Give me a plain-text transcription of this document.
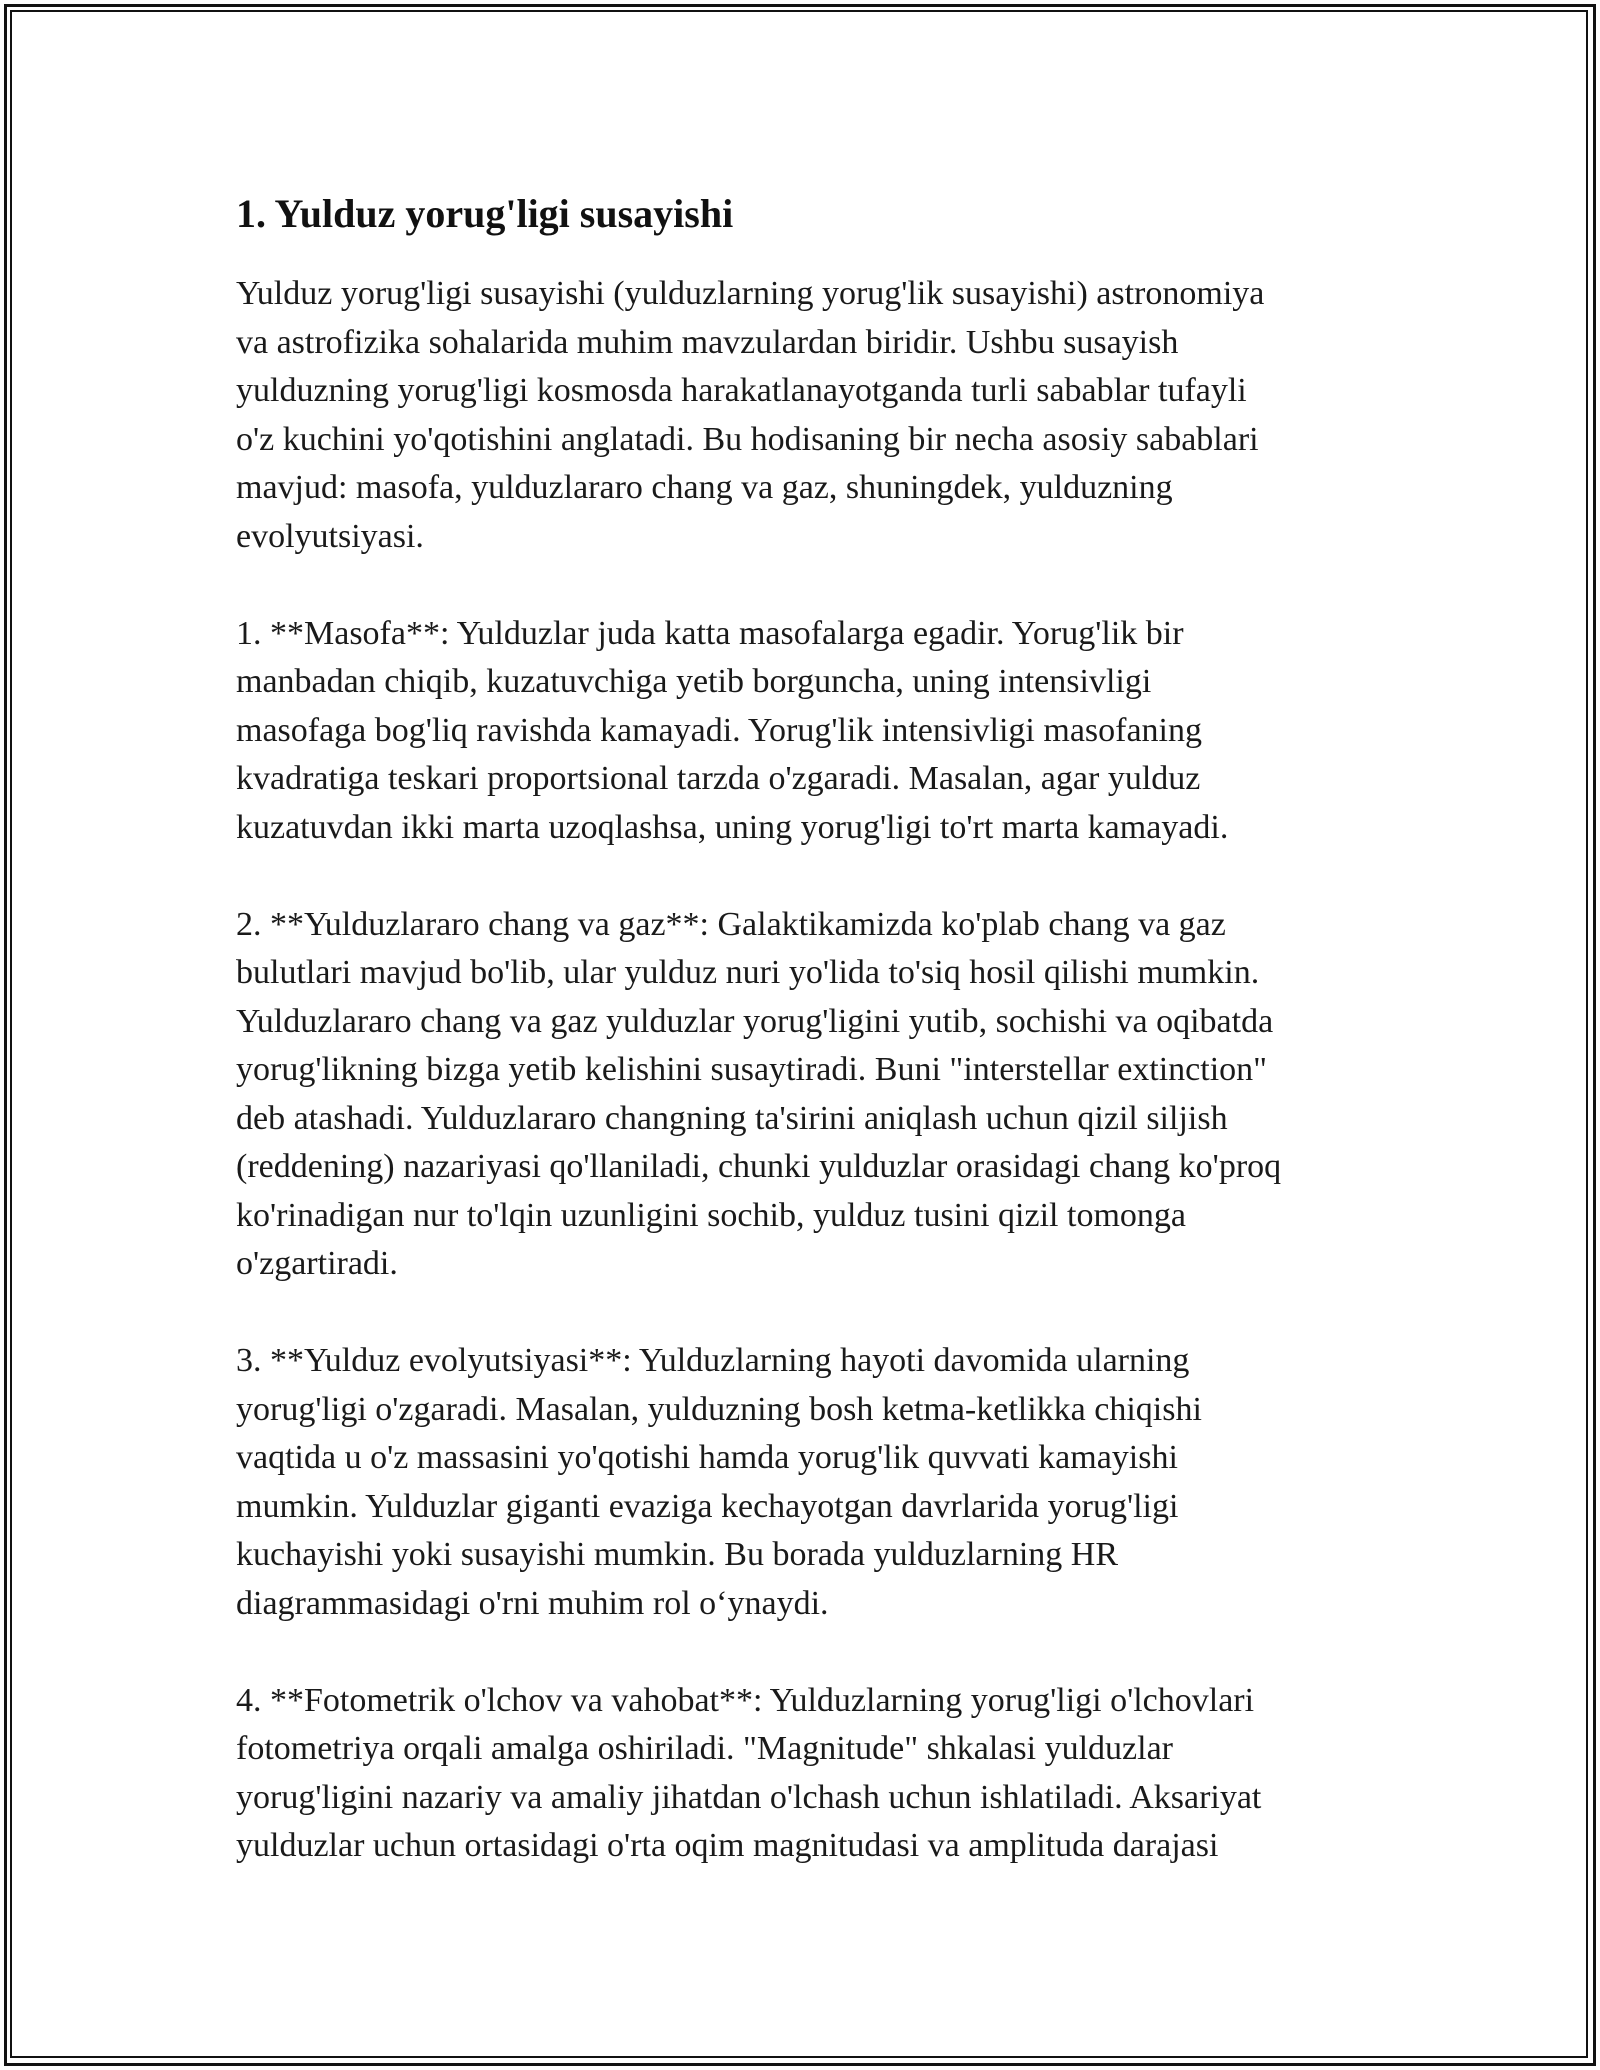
1. Yulduz yorug'ligi susayishi

Yulduz yorug'ligi susayishi (yulduzlarning yorug'lik susayishi) astronomiya
va astrofizika sohalarida muhim mavzulardan biridir. Ushbu susayish
yulduzning yorug'ligi kosmosda harakatlanayotganda turli sabablar tufayli
o'z kuchini yo'qotishini anglatadi. Bu hodisaning bir necha asosiy sabablari
mavjud: masofa, yulduzlararo chang va gaz, shuningdek, yulduzning
evolyutsiyasi.

1. **Masofa**: Yulduzlar juda katta masofalarga egadir. Yorug'lik bir
manbadan chiqib, kuzatuvchiga yetib borguncha, uning intensivligi
masofaga bog'liq ravishda kamayadi. Yorug'lik intensivligi masofaning
kvadratiga teskari proportsional tarzda o'zgaradi. Masalan, agar yulduz
kuzatuvdan ikki marta uzoqlashsa, uning yorug'ligi to'rt marta kamayadi.

2. **Yulduzlararo chang va gaz**: Galaktikamizda ko'plab chang va gaz
bulutlari mavjud bo'lib, ular yulduz nuri yo'lida to'siq hosil qilishi mumkin.
Yulduzlararo chang va gaz yulduzlar yorug'ligini yutib, sochishi va oqibatda
yorug'likning bizga yetib kelishini susaytiradi. Buni "interstellar extinction"
deb atashadi. Yulduzlararo changning ta'sirini aniqlash uchun qizil siljish
(reddening) nazariyasi qo'llaniladi, chunki yulduzlar orasidagi chang ko'proq
ko'rinadigan nur to'lqin uzunligini sochib, yulduz tusini qizil tomonga
o'zgartiradi.

3. **Yulduz evolyutsiyasi**: Yulduzlarning hayoti davomida ularning
yorug'ligi o'zgaradi. Masalan, yulduzning bosh ketma-ketlikka chiqishi
vaqtida u o'z massasini yo'qotishi hamda yorug'lik quvvati kamayishi
mumkin. Yulduzlar giganti evaziga kechayotgan davrlarida yorug'ligi
kuchayishi yoki susayishi mumkin. Bu borada yulduzlarning HR
diagrammasidagi o'rni muhim rol o‘ynaydi.

4. **Fotometrik o'lchov va vahobat**: Yulduzlarning yorug'ligi o'lchovlari
fotometriya orqali amalga oshiriladi. "Magnitude" shkalasi yulduzlar
yorug'ligini nazariy va amaliy jihatdan o'lchash uchun ishlatiladi. Aksariyat
yulduzlar uchun ortasidagi o'rta oqim magnitudasi va amplituda darajasi
